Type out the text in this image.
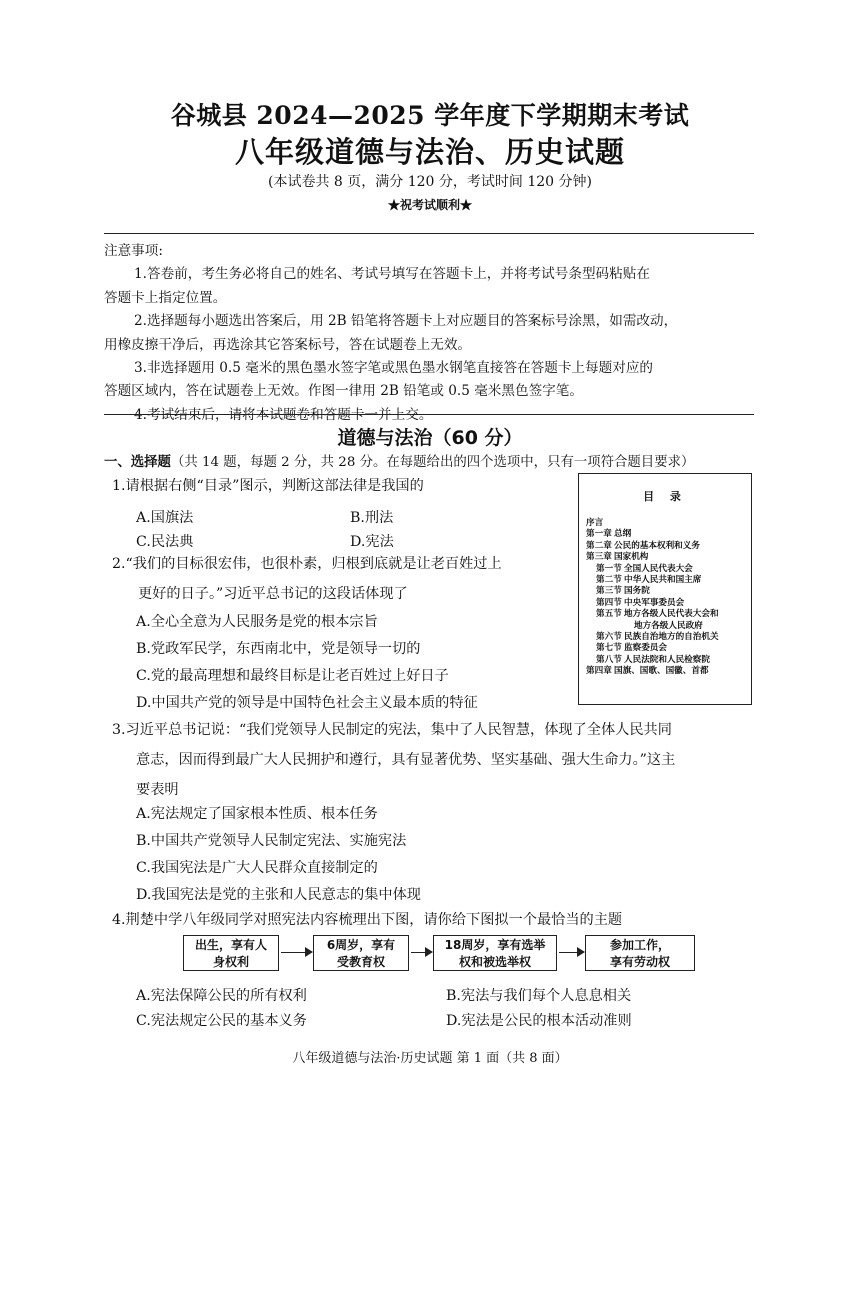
谷城县 2024—2025 学年度下学期期末考试
八年级道德与法治、历史试题
(本试卷共 8 页，满分 120 分，考试时间 120 分钟)
★祝考试顺利★

注意事项:

1.答卷前，考生务必将自己的姓名、考试号填写在答题卡上，并将考试号条型码粘贴在

答题卡上指定位置。

2.选择题每小题选出答案后，用 2B 铅笔将答题卡上对应题目的答案标号涂黑，如需改动，

用橡皮擦干净后，再选涂其它答案标号，答在试题卷上无效。

3.非选择题用 0.5 毫米的黑色墨水签字笔或黑色墨水钢笔直接答在答题卡上每题对应的

答题区域内，答在试题卷上无效。作图一律用 2B 铅笔或 0.5 毫米黑色签字笔。

4.考试结束后，请将本试题卷和答题卡一并上交。

道德与法治（60 分）
一、选择题（共 14 题，每题 2 分，共 28 分。在每题给出的四个选项中，只有一项符合题目要求）

1.请根据右侧“目录”图示，判断这部法律是我国的

A.国旗法	B.刑法
C.民法典	D.宪法
目 录
序言
第一章 总纲
第二章 公民的基本权利和义务
第三章 国家机构
第一节 全国人民代表大会
第二节 中华人民共和国主席
第三节 国务院
第四节 中央军事委员会
第五节 地方各级人民代表大会和
地方各级人民政府
第六节 民族自治地方的自治机关
第七节 监察委员会
第八节 人民法院和人民检察院
第四章 国旗、国歌、国徽、首都

2.“我们的目标很宏伟，也很朴素，归根到底就是让老百姓过上

更好的日子。”习近平总书记的这段话体现了

A.全心全意为人民服务是党的根本宗旨
B.党政军民学，东西南北中，党是领导一切的
C.党的最高理想和最终目标是让老百姓过上好日子
D.中国共产党的领导是中国特色社会主义最本质的特征

3.习近平总书记说：“我们党领导人民制定的宪法，集中了人民智慧，体现了全体人民共同

意志，因而得到最广大人民拥护和遵行，具有显著优势、坚实基础、强大生命力。”这主

要表明

A.宪法规定了国家根本性质、根本任务
B.中国共产党领导人民制定宪法、实施宪法
C.我国宪法是广大人民群众直接制定的
D.我国宪法是党的主张和人民意志的集中体现

4.荆楚中学八年级同学对照宪法内容梳理出下图，请你给下图拟一个最恰当的主题

出生，享有人
身权利
6周岁，享有
受教育权
18周岁，享有选举
权和被选举权
参加工作，
享有劳动权
A.宪法保障公民的所有权利	B.宪法与我们每个人息息相关
C.宪法规定公民的基本义务	D.宪法是公民的根本活动准则
八年级道德与法治·历史试题 第 1 面（共 8 面）
